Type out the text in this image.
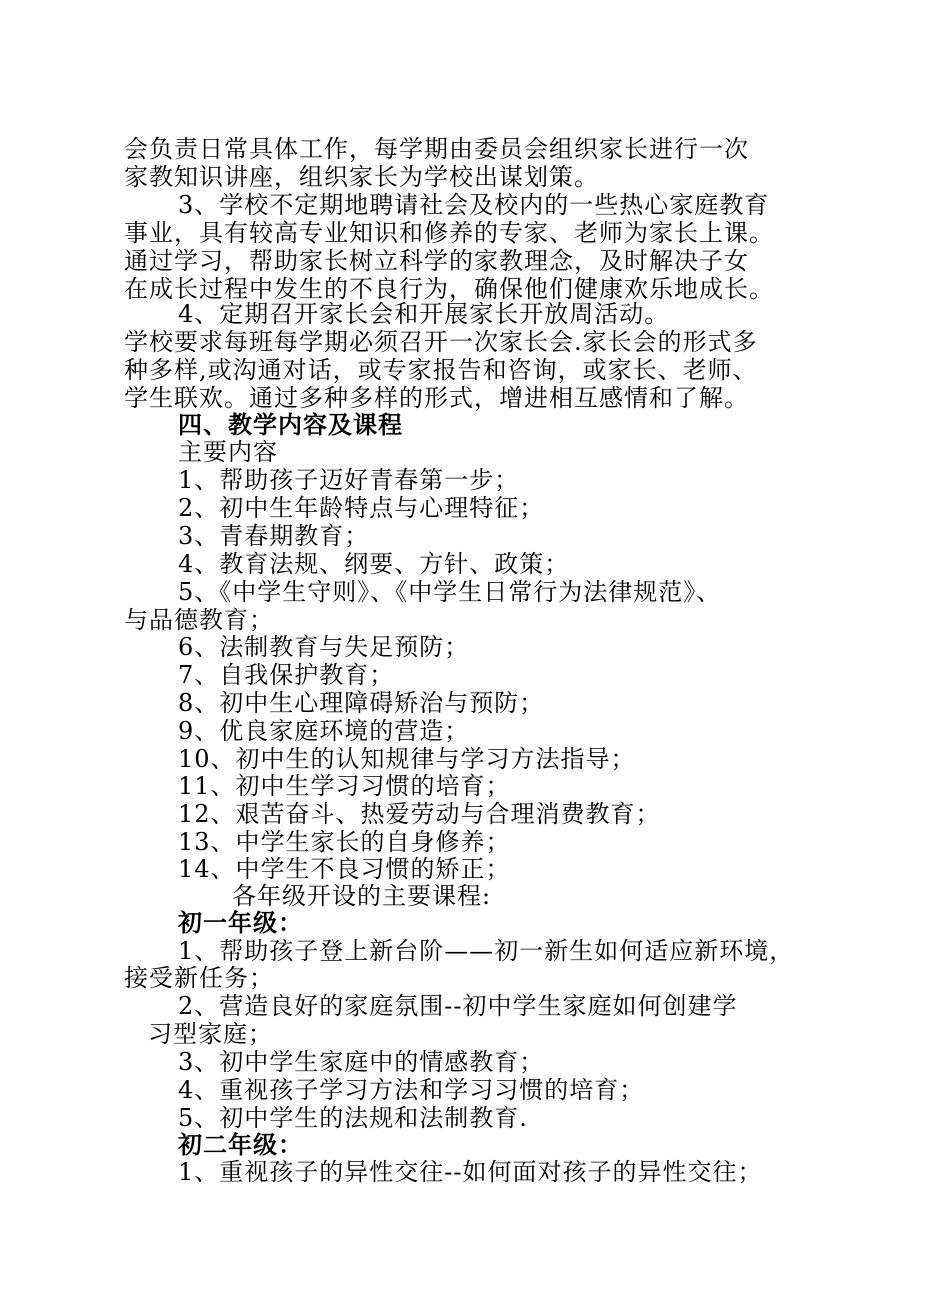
会负责日常具体工作，每学期由委员会组织家长进行一次
家教知识讲座，组织家长为学校出谋划策。
3、学校不定期地聘请社会及校内的一些热心家庭教育
事业，具有较高专业知识和修养的专家、老师为家长上课。
通过学习，帮助家长树立科学的家教理念，及时解决子女
在成长过程中发生的不良行为，确保他们健康欢乐地成长。
4、定期召开家长会和开展家长开放周活动。
学校要求每班每学期必须召开一次家长会.家长会的形式多
种多样,或沟通对话，或专家报告和咨询，或家长、老师、
学生联欢。通过多种多样的形式，增进相互感情和了解。
四、教学内容及课程
主要内容
1、帮助孩子迈好青春第一步；
2、初中生年龄特点与心理特征；
3、青春期教育；
4、教育法规、纲要、方针、政策；
5、《中学生守则》、《中学生日常行为法律规范》、
与品德教育；
6、法制教育与失足预防；
7、自我保护教育；
8、初中生心理障碍矫治与预防；
9、优良家庭环境的营造；
10、初中生的认知规律与学习方法指导；
11、初中生学习习惯的培育；
12、艰苦奋斗、热爱劳动与合理消费教育；
13、中学生家长的自身修养；
14、中学生不良习惯的矫正；
各年级开设的主要课程:
初一年级：
1、帮助孩子登上新台阶——初一新生如何适应新环境，
接受新任务；
2、营造良好的家庭氛围--初中学生家庭如何创建学
习型家庭；
3、初中学生家庭中的情感教育；
4、重视孩子学习方法和学习习惯的培育；
5、初中学生的法规和法制教育.
初二年级：
1、重视孩子的异性交往--如何面对孩子的异性交往；
